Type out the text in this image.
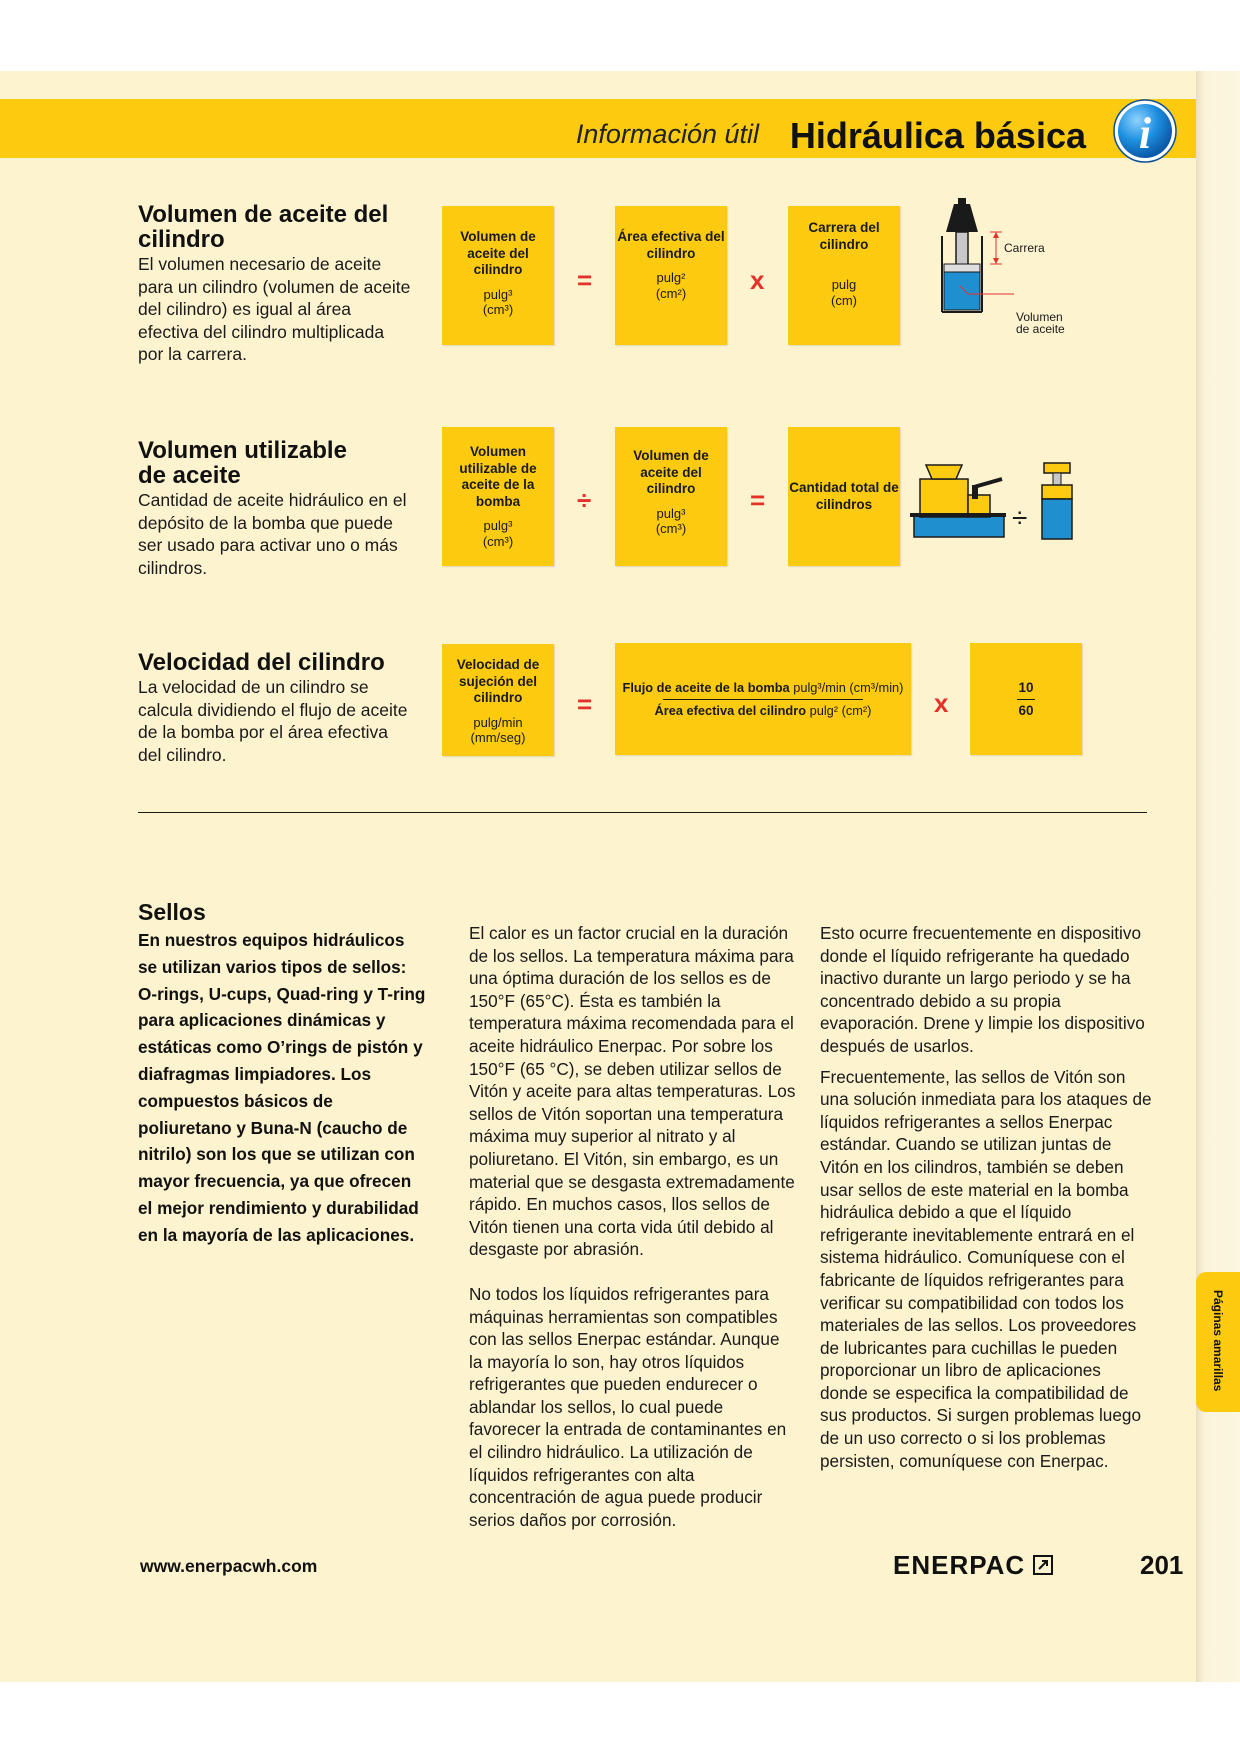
Información útil Hidráulica básica i
Volumen de aceite del cilindro
El volumen necesario de aceite para un cilindro (volumen de aceite del cilindro) es igual al área efectiva del cilindro multiplicada por la carrera.
Volumen de aceite del cilindro
pulg³
(cm³)
=
Área efectiva del cilindro
pulg²
(cm²) x
Carrera del cilindro
pulg
(cm)
Carrera
Volumen
de aceite
Volumen utilizable de aceite
Cantidad de aceite hidráulico en el depósito de la bomba que puede ser usado para activar uno o más cilindros.
Volumen utilizable de aceite de la bomba
pulg³
(cm³)
÷
Volumen de aceite del cilindro
pulg³
(cm³)
= Cantidad total de cilindros	÷
Velocidad del cilindro
La velocidad de un cilindro se calcula dividiendo el flujo de aceite de la bomba por el área efectiva del cilindro.
Velocidad de sujeción del cilindro
pulg/min
(mm/seg)
=
Flujo de aceite de la bomba pulg³/min (cm³/min)
Área efectiva del cilindro pulg² (cm²) x
10
60
Sellos
En nuestros equipos hidráulicos se utilizan varios tipos de sellos: O-rings, U-cups, Quad-ring y T-ring para aplicaciones dinámicas y estáticas como O’rings de pistón y diafragmas limpiadores. Los compuestos básicos de poliuretano y Buna-N (caucho de nitrilo) son los que se utilizan con mayor frecuencia, ya que ofrecen el mejor rendimiento y durabilidad en la mayoría de las aplicaciones.

El calor es un factor crucial en la duración de los sellos. La temperatura máxima para una óptima duración de los sellos es de 150°F (65°C). Ésta es también la temperatura máxima recomendada para el aceite hidráulico Enerpac. Por sobre los 150°F (65 °C), se deben utilizar sellos de Vitón y aceite para altas temperaturas. Los sellos de Vitón soportan una temperatura máxima muy superior al nitrato y al poliuretano. El Vitón, sin embargo, es un material que se desgasta extremadamente rápido. En muchos casos, llos sellos de Vitón tienen una corta vida útil debido al desgaste por abrasión.

No todos los líquidos refrigerantes para máquinas herramientas son compatibles con las sellos Enerpac estándar. Aunque la mayoría lo son, hay otros líquidos refrigerantes que pueden endurecer o ablandar los sellos, lo cual puede favorecer la entrada de contaminantes en el cilindro hidráulico. La utilización de líquidos refrigerantes con alta concentración de agua puede producir serios daños por corrosión.

Esto ocurre frecuentemente en dispositivo donde el líquido refrigerante ha quedado inactivo durante un largo periodo y se ha concentrado debido a su propia evaporación. Drene y limpie los dispositivo después de usarlos.

Frecuentemente, las sellos de Vitón son una solución inmediata para los ataques de líquidos refrigerantes a sellos Enerpac estándar. Cuando se utilizan juntas de Vitón en los cilindros, también se deben usar sellos de este material en la bomba hidráulica debido a que el líquido refrigerante inevitablemente entrará en el sistema hidráulico. Comuníquese con el fabricante de líquidos refrigerantes para verificar su compatibilidad con todos los materiales de las sellos. Los proveedores de lubricantes para cuchillas le pueden proporcionar un libro de aplicaciones donde se especifica la compatibilidad de sus productos. Si surgen problemas luego de un uso correcto o si los problemas persisten, comuníquese con Enerpac.

Páginas amarillas
www.enerpacwh.com	ENERPAC	201
